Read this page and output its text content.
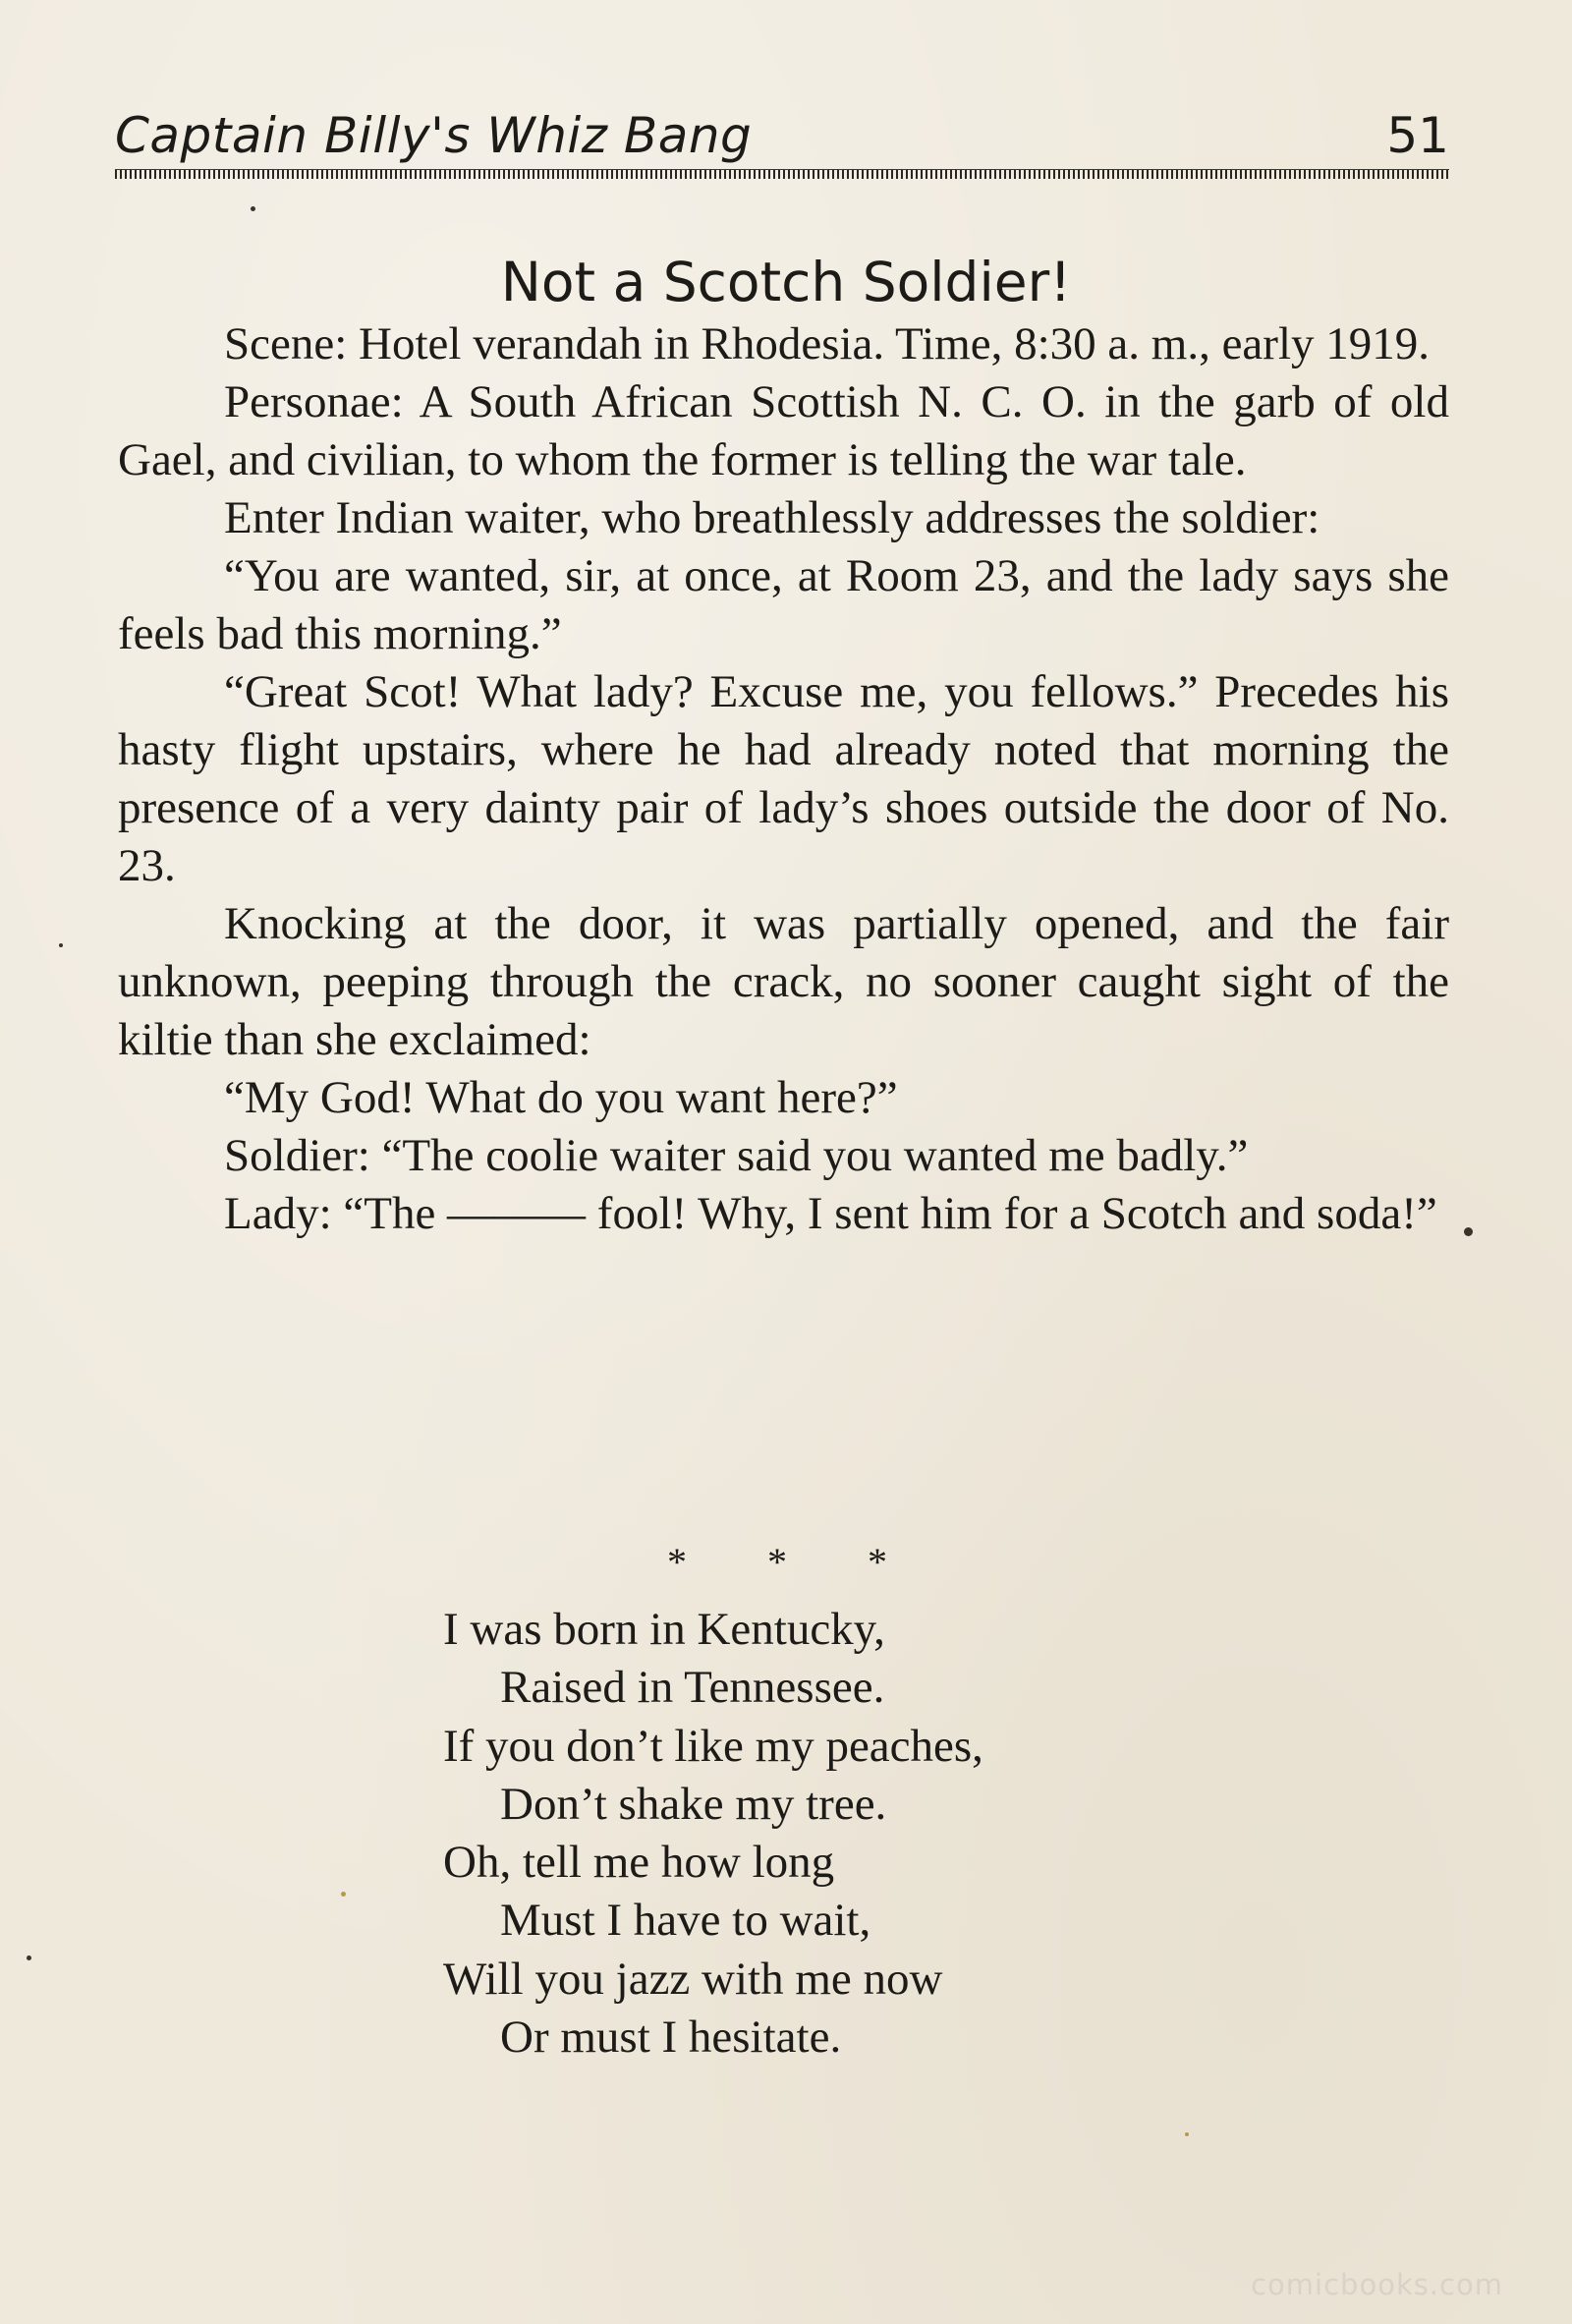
Captain Billy's Whiz Bang	51
Not a Scotch Soldier!

Scene: Hotel verandah in Rhodesia. Time, 8:30 a. m., early 1919.

Personae: A South African Scottish N. C. O. in the garb of old Gael, and civilian, to whom the former is telling the war tale.

Enter Indian waiter, who breathlessly addresses the soldier:

“You are wanted, sir, at once, at Room 23, and the lady says she feels bad this morning.”

“Great Scot! What lady? Excuse me, you fellows.” Precedes his hasty flight upstairs, where he had already noted that morning the presence of a very dainty pair of lady’s shoes outside the door of No. 23.

Knocking at the door, it was partially opened, and the fair unknown, peeping through the crack, no sooner caught sight of the kiltie than she exclaimed:

“My God! What do you want here?”

Soldier: “The coolie waiter said you wanted me badly.”

Lady: “The ——— fool! Why, I sent him for a Scotch and soda!”

* * *
I was born in Kentucky,
Raised in Tennessee.
If you don’t like my peaches,
Don’t shake my tree.
Oh, tell me how long
Must I have to wait,
Will you jazz with me now
Or must I hesitate.
comicbooks.com
